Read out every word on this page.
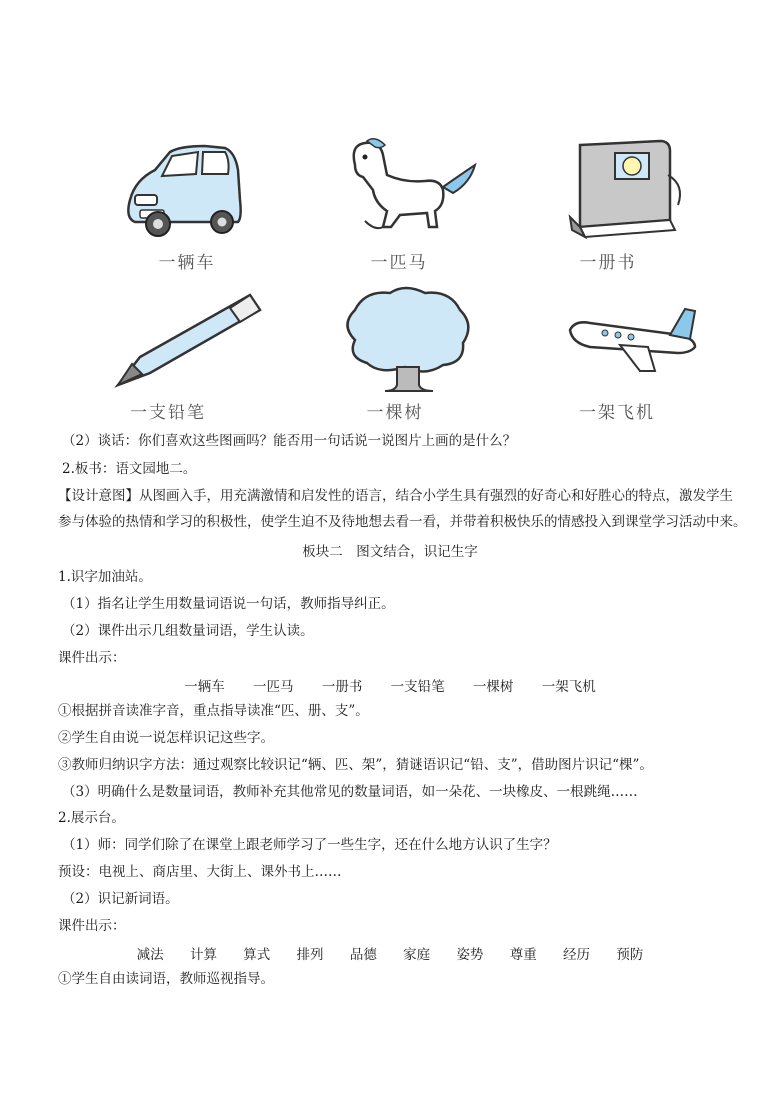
一辆车	一匹马	一册书
一支铅笔	一棵树	一架飞机
（2）谈话：你们喜欢这些图画吗？能否用一句话说一说图片上画的是什么？
2.板书：语文园地二。
【设计意图】从图画入手，用充满激情和启发性的语言，结合小学生具有强烈的好奇心和好胜心的特点，激发学生
参与体验的热情和学习的积极性，使学生迫不及待地想去看一看，并带着积极快乐的情感投入到课堂学习活动中来。
板块二　图文结合，识记生字
1.识字加油站。
（1）指名让学生用数量词语说一句话，教师指导纠正。
（2）课件出示几组数量词语，学生认读。
课件出示：
一辆车 一匹马 一册书 一支铅笔 一棵树 一架飞机
①根据拼音读准字音，重点指导读准“匹、册、支”。
②学生自由说一说怎样识记这些字。
③教师归纳识字方法：通过观察比较识记“辆、匹、架”，猜谜语识记“铅、支”，借助图片识记“棵”。
（3）明确什么是数量词语，教师补充其他常见的数量词语，如一朵花、一块橡皮、一根跳绳……
2.展示台。
（1）师：同学们除了在课堂上跟老师学习了一些生字，还在什么地方认识了生字？
预设：电视上、商店里、大街上、课外书上……
（2）识记新词语。
课件出示：
减法 计算 算式 排列 品德 家庭 姿势 尊重 经历 预防
①学生自由读词语，教师巡视指导。
